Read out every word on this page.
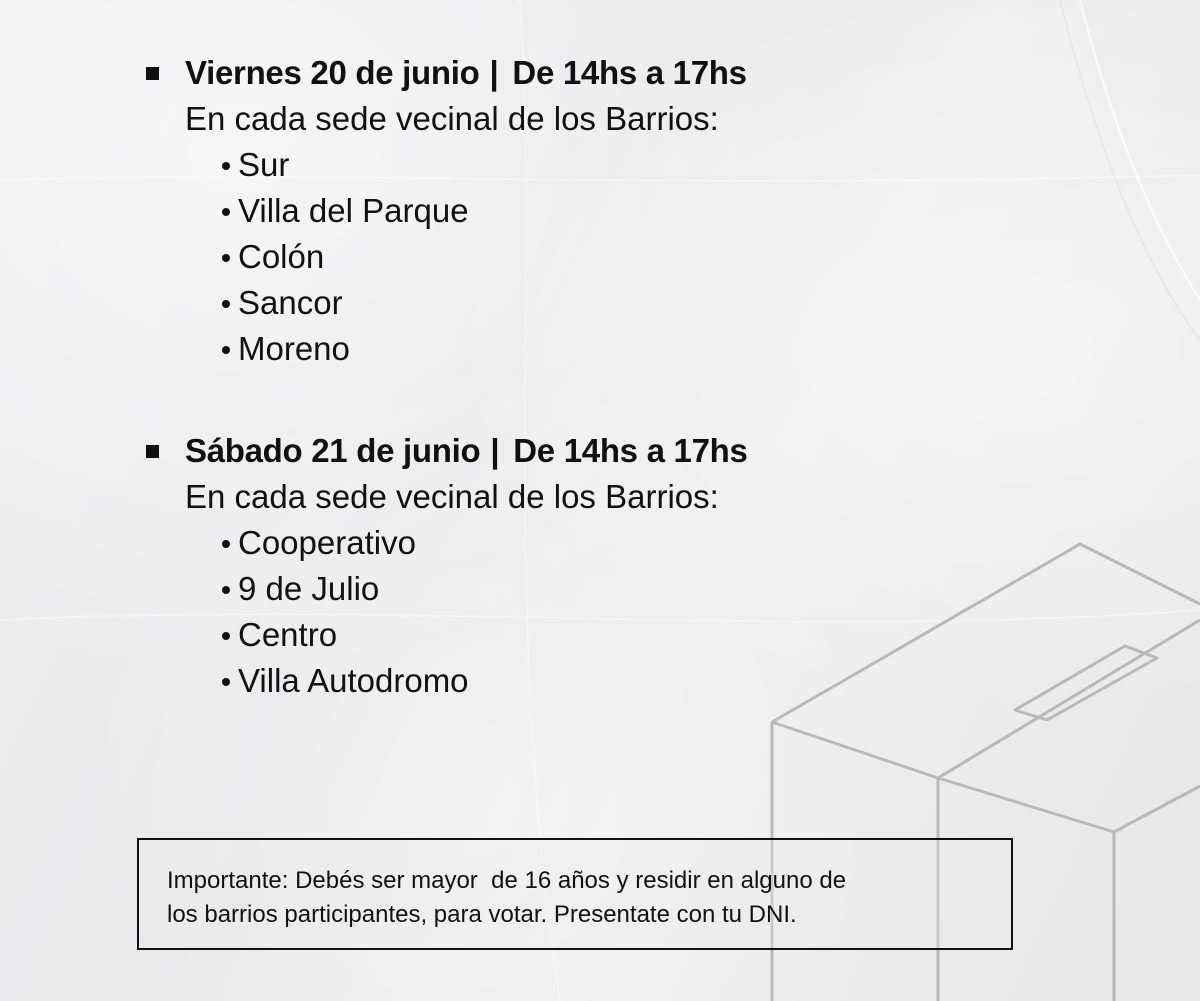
Viernes 20 de junio | De 14hs a 17hs
En cada sede vecinal de los Barrios:
Sur
Villa del Parque
Colón
Sancor
Moreno
Sábado 21 de junio | De 14hs a 17hs
En cada sede vecinal de los Barrios:
Cooperativo
9 de Julio
Centro
Villa Autodromo

Importante: Debés ser mayor  de 16 años y residir en alguno de

los barrios participantes, para votar. Presentate con tu DNI.
